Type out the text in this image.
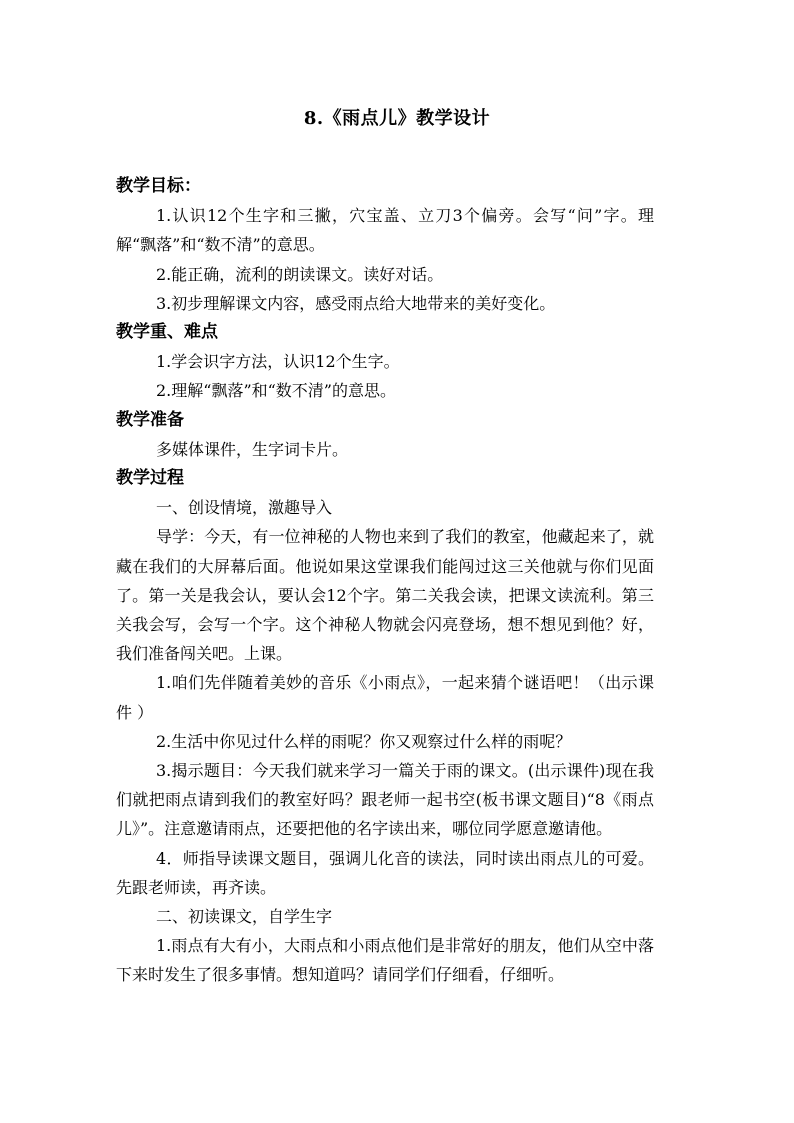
8.《雨点儿》教学设计

教学目标：

1.认识12个生字和三撇，穴宝盖、立刀3个偏旁。会写“问”字。理解“飘落”和“数不清”的意思。

2.能正确，流利的朗读课文。读好对话。

3.初步理解课文内容，感受雨点给大地带来的美好变化。

教学重、难点

1.学会识字方法，认识12个生字。

2.理解“飘落”和“数不清”的意思。

教学准备

多媒体课件，生字词卡片。

教学过程

一、创设情境，激趣导入

导学：今天，有一位神秘的人物也来到了我们的教室，他藏起来了，就藏在我们的大屏幕后面。他说如果这堂课我们能闯过这三关他就与你们见面了。第一关是我会认，要认会12个字。第二关我会读，把课文读流利。第三关我会写，会写一个字。这个神秘人物就会闪亮登场，想不想见到他？好，我们准备闯关吧。上课。

1.咱们先伴随着美妙的音乐《小雨点》，一起来猜个谜语吧！（出示课件 ）

2.生活中你见过什么样的雨呢？你又观察过什么样的雨呢？

3.揭示题目：今天我们就来学习一篇关于雨的课文。(出示课件)现在我们就把雨点请到我们的教室好吗？跟老师一起书空(板书课文题目)“8《雨点儿》”。注意邀请雨点，还要把他的名字读出来，哪位同学愿意邀请他。

4．师指导读课文题目，强调儿化音的读法，同时读出雨点儿的可爱。先跟老师读，再齐读。

二、初读课文，自学生字

1.雨点有大有小，大雨点和小雨点他们是非常好的朋友，他们从空中落下来时发生了很多事情。想知道吗？请同学们仔细看，仔细听。
